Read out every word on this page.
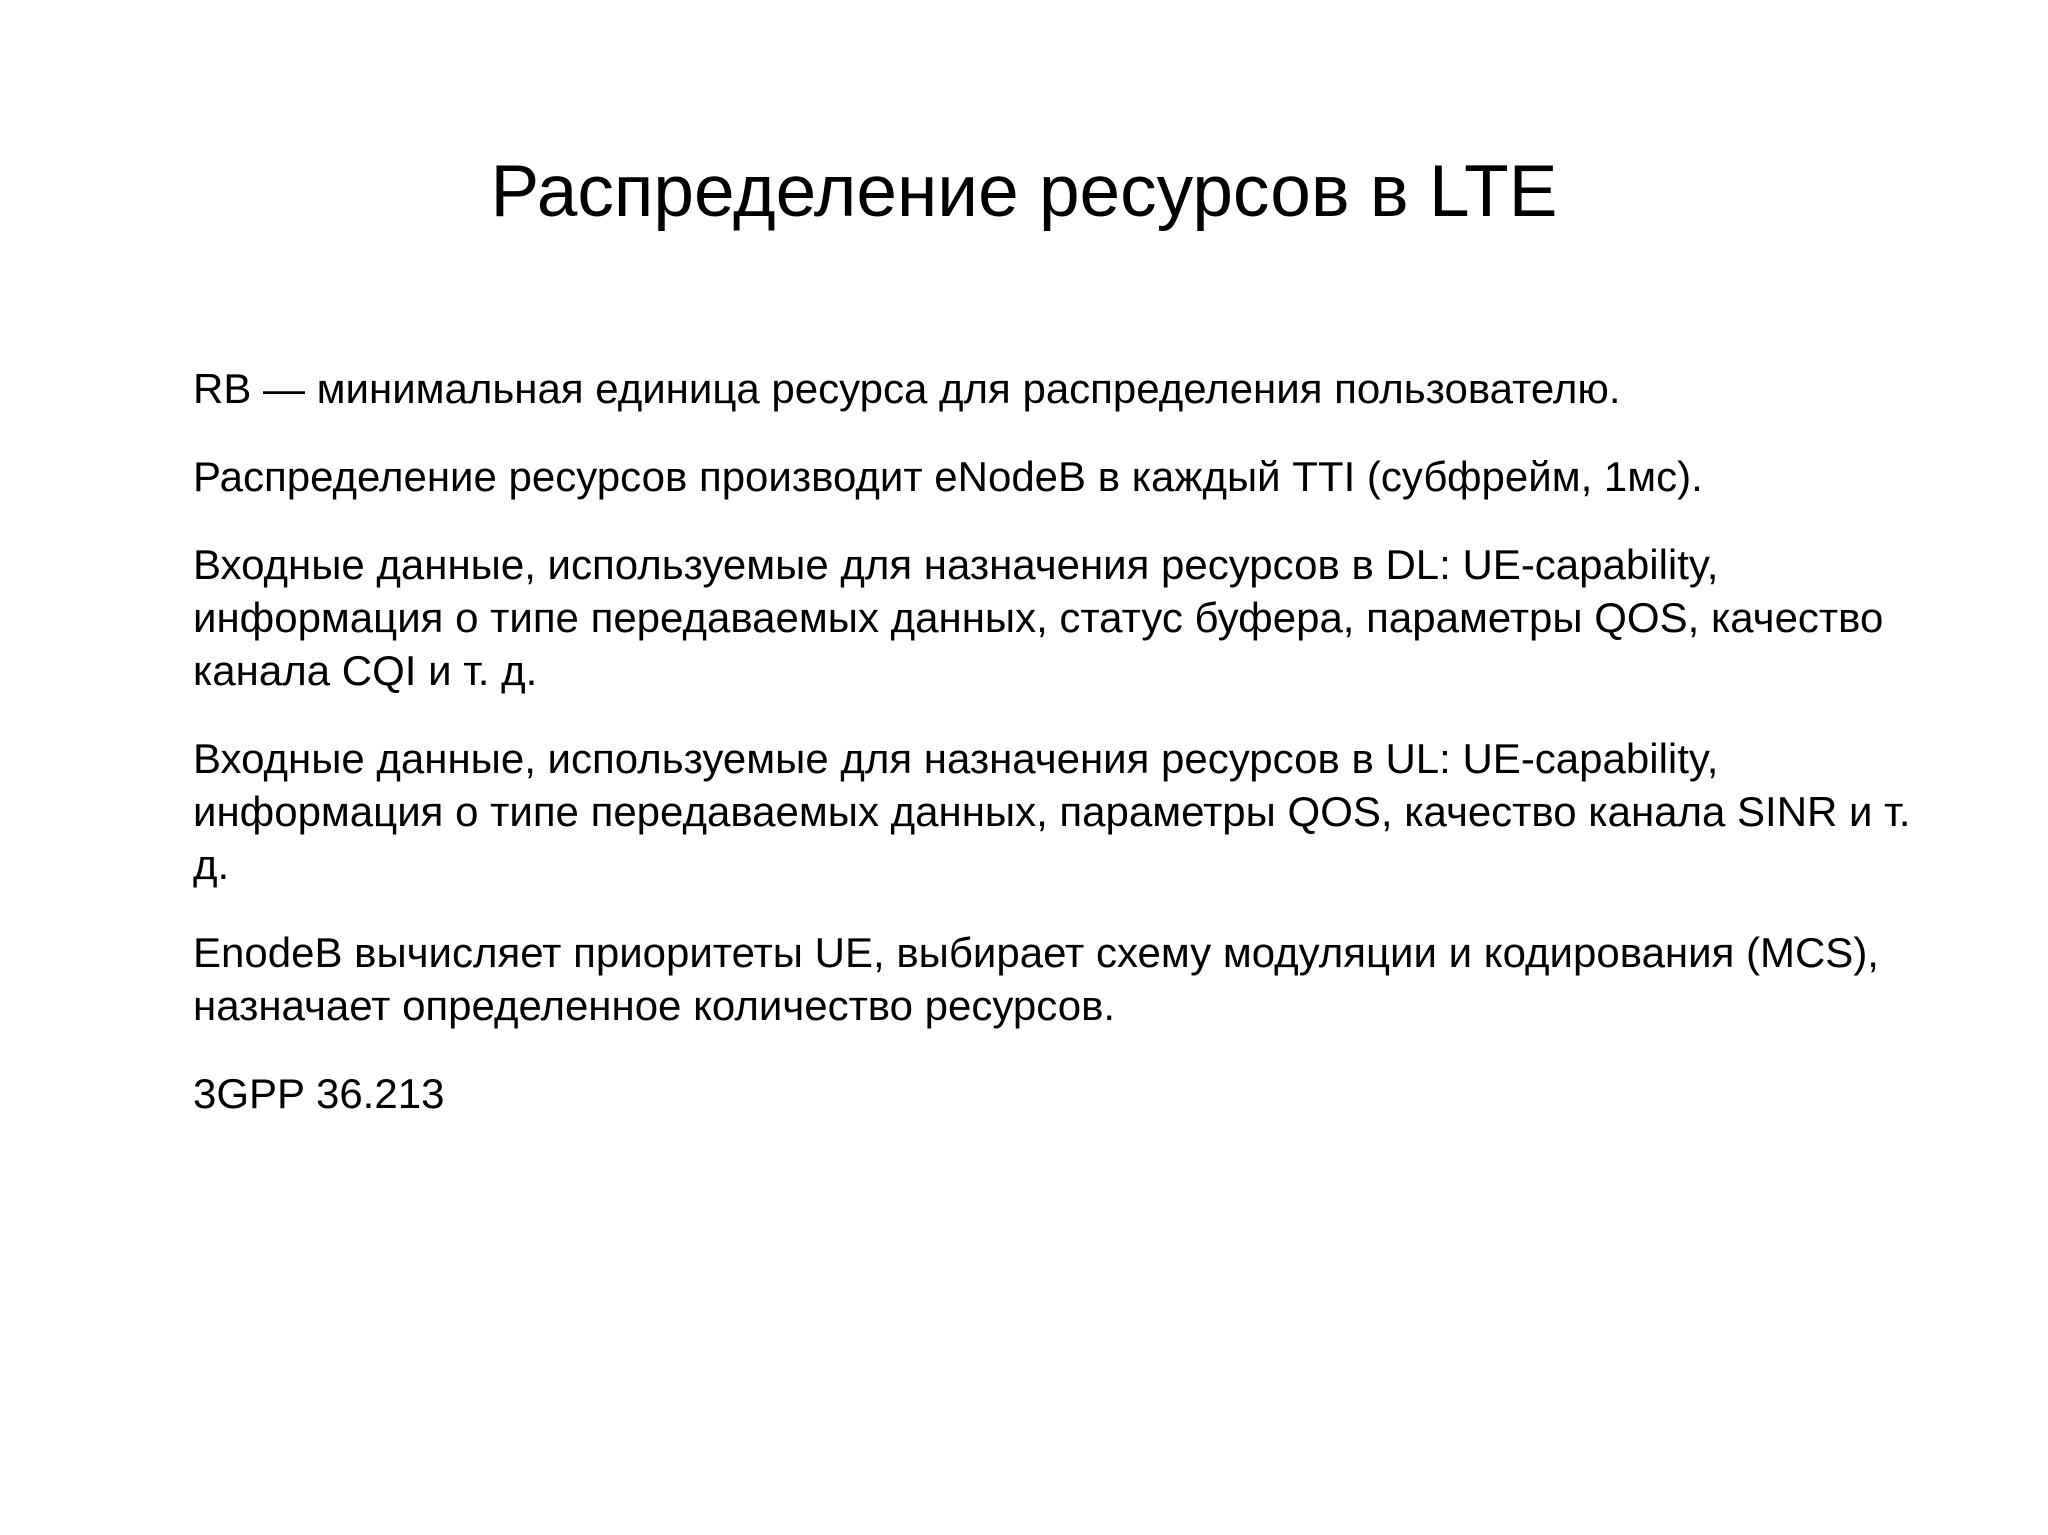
Распределение ресурсов в LTE
RB — минимальная единица ресурса для распределения пользователю.
Распределение ресурсов производит eNodeB в каждый TTI (субфрейм, 1мс).
Входные данные, используемые для назначения ресурсов в DL: UE-capability, информация о типе передаваемых данных, статус буфера, параметры QOS, качество канала CQI и т. д.
Входные данные, используемые для назначения ресурсов в UL: UE-capability, информация о типе передаваемых данных, параметры QOS, качество канала SINR и т. д.
EnodeB вычисляет приоритеты UE, выбирает схему модуляции и кодирования (MCS), назначает определенное количество ресурсов.
3GPP 36.213
